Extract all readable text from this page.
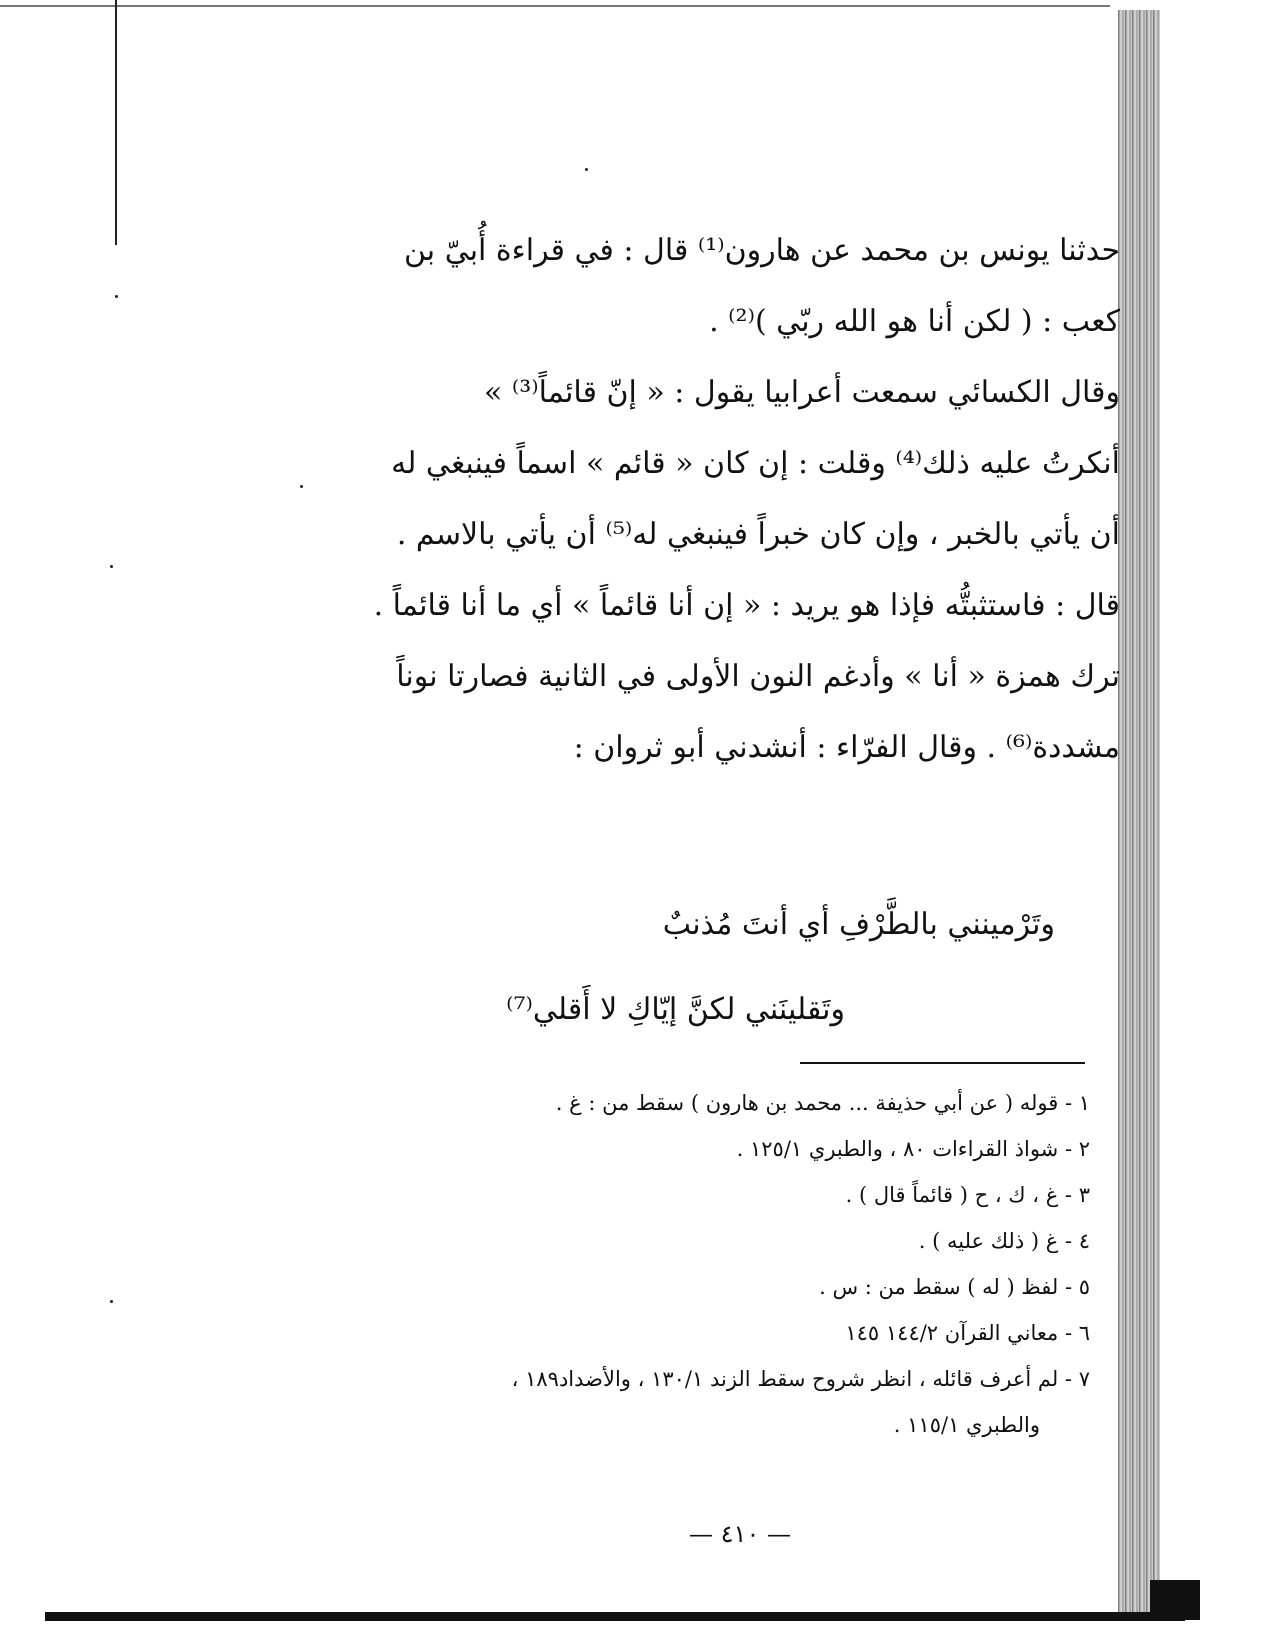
حدثنا يونس بن محمد عن هارون⁽¹⁾ قال : في قراءة أُبيّ بن

كعب : ( لكن أنا هو الله ربّي )⁽²⁾ .

وقال الكسائي سمعت أعرابيا يقول : « إنّ قائماً⁽³⁾ »

أنكرتُ عليه ذلك⁽⁴⁾ وقلت : إن كان « قائم » اسماً فينبغي له

أن يأتي بالخبر ، وإن كان خبراً فينبغي له⁽⁵⁾ أن يأتي بالاسم .

قال : فاستثبتُّه فإذا هو يريد : « إن أنا قائماً » أي ما أنا قائماً .

ترك همزة « أنا » وأدغم النون الأولى في الثانية فصارتا نوناً

مشددة⁽⁶⁾ . وقال الفرّاء : أنشدني أبو ثروان :

وتَرْمينني بالطَّرْفِ أي أنتَ مُذنبٌ
وتَقلينَني لكنَّ إيّاكِ لا أَقلي⁽⁷⁾

١ - قوله ( عن أبي حذيفة ... محمد بن هارون ) سقط من : غ .

٢ - شواذ القراءات ٨٠ ، والطبري ١٢٥/١ .

٣ - غ ، ك ، ح ( قائماً قال ) .

٤ - غ ( ذلك عليه ) .

٥ - لفظ ( له ) سقط من : س .

٦ - معاني القرآن ١٤٤/٢ ١٤٥

٧ - لم أعرف قائله ، انظر شروح سقط الزند ١٣٠/١ ، والأضداد١٨٩ ،

والطبري ١١٥/١ .

— ٤١٠ —
